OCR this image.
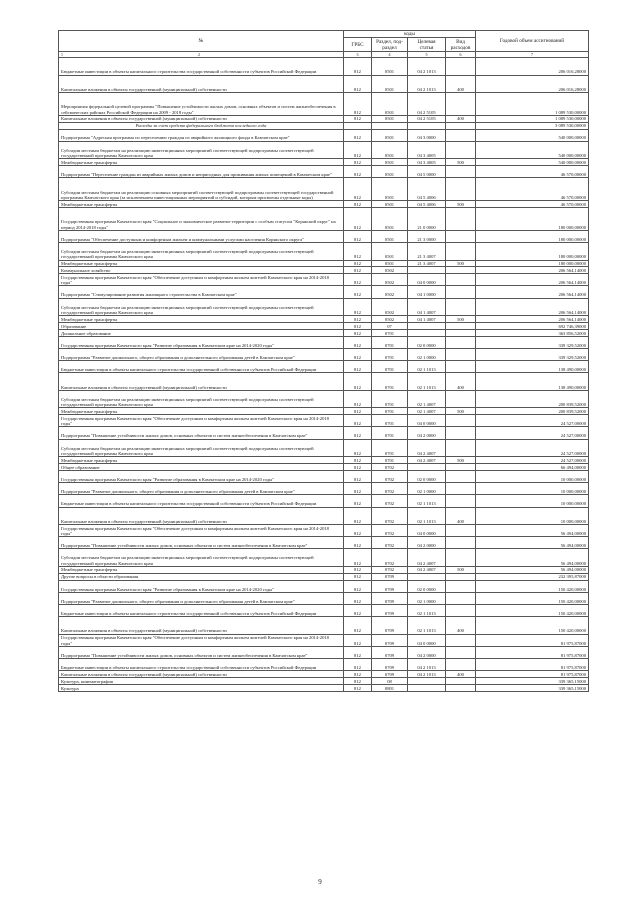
№	коды				Годовой объем ассигнований
	ГРБС	Раздел, под-раздел	Целевая статья	Вид расходов	
1	3	4	5	6	7
Бюджетные инвестиции в объекты капитального строительства государственной собственности субъектов Российской Федерации	812	0501	04 2 1013		206 016,28000
Капитальные вложения в объекты государственной (муниципальной) собственности	812	0501	04 2 1013	400	206 016,28000
Мероприятия федеральной целевой программы "Повышение устойчивости жилых домов, основных объектов и систем жизнеобеспечения в сейсмических районах Российской Федерации на 2009 - 2018 годы"	812	0501	04 2 5105		1 089 530,00000
Капитальные вложения в объекты государственной (муниципальной) собственности	812	0501	04 2 5105	400	1 089 530,00000
Расходы за счет средств федерального бюджета последнего года					3 089 530,00000
Подпрограмма "Адресная программа по переселению граждан из аварийного жилищного фонда в Камчатском крае"	812	0501	04 3 0000		540 000,00000
Субсидии местным бюджетам на реализацию инвестиционных мероприятий соответствующей подпрограммы соответствующей государственной программы Камчатского края	812	0501	04 3 4005		540 000,00000
Межбюджетные трансферты	812	0501	04 3 4005	500	540 000,00000
Подпрограмма "Переселение граждан из аварийных жилых домов и непригодных для проживания жилых помещений в Камчатском крае"	812	0501	04 5 0000		46 570,00000
Субсидии местным бюджетам на реализацию основных мероприятий соответствующей подпрограммы соответствующей государственной программы Камчатского края (за исключением инвестиционных мероприятий и субсидий, которым присвоены отдельные коды)	812	0501	04 5 4006		46 570,00000
Межбюджетные трансферты	812	0501	04 5 4006	500	46 570,00000
Государственная программа Камчатского края "Социальное и экономическое развитие территории с особым статусом "Корякский округ" на период 2014-2018 годы"	812	0501	21 0 0000		180 000,00000
Подпрограмма "Обеспечение доступным и комфортным жильем и коммунальными услугами населения Корякского округа"	812	0501	21 3 0000		180 000,00000
Субсидии местным бюджетам на реализацию инвестиционных мероприятий соответствующей подпрограммы соответствующей государственной программы Камчатского края	812	0501	21 3 4007		180 000,00000
Межбюджетные трансферты	812	0501	21 3 4007	500	180 000,00000
Коммунальное хозяйство	812	0502			206 564,14000
Государственная программа Камчатского края "Обеспечение доступным и комфортным жильем жителей Камчатского края на 2014-2018 годы"	812	0502	04 0 0000		206 564,14000
Подпрограмма "Стимулирование развития жилищного строительства в Камчатском крае"	812	0502	04 1 0000		206 564,14000
Субсидии местным бюджетам на реализацию инвестиционных мероприятий соответствующей подпрограммы соответствующей государственной программы Камчатского края	812	0502	04 1 4007		206 564,14000
Межбюджетные трансферты	812	0502	04 1 4007	500	206 564,14000
Образование	812	07			692 746,39000
Дошкольное образование	812	0701			363 856,52000
Государственная программа Камчатского края "Развитие образования в Камчатском крае на 2014-2020 годы"	812	0701	02 0 0000		339 329,52000
Подпрограмма "Развитие дошкольного, общего образования и дополнительного образования детей в Камчатском крае"	812	0701	02 1 0000		339 329,52000
Бюджетные инвестиции в объекты капитального строительства государственной собственности субъектов Российской Федерации	812	0701	02 1 1013		138 490,00000
Капитальные вложения в объекты государственной (муниципальной) собственности	812	0701	02 1 1013	400	138 490,00000
Субсидии местным бюджетам на реализацию инвестиционных мероприятий соответствующей подпрограммы соответствующей государственной программы Камчатского края	812	0701	02 1 4007		200 839,52000
Межбюджетные трансферты	812	0701	02 1 4007	500	200 839,52000
Государственная программа Камчатского края "Обеспечение доступным и комфортным жильем жителей Камчатского края на 2014-2018 годы"	812	0701	04 0 0000		24 527,00000
Подпрограмма "Повышение устойчивости жилых домов, основных объектов и систем жизнеобеспечения в Камчатском крае"	812	0701	04 2 0000		24 527,00000
Субсидии местным бюджетам на реализацию инвестиционных мероприятий соответствующей подпрограммы соответствующей государственной программы Камчатского края	812	0701	04 2 4007		24 527,00000
Межбюджетные трансферты	812	0701	04 2 4007	500	24 527,00000
Общее образование	812	0702			66 494,00000
Государственная программа Камчатского края "Развитие образования в Камчатском крае на 2014-2020 годы"	812	0702	02 0 0000		10 000,00000
Подпрограмма "Развитие дошкольного, общего образования и дополнительного образования детей в Камчатском крае"	812	0702	02 1 0000		10 000,00000
Бюджетные инвестиции в объекты капитального строительства государственной собственности субъектов Российской Федерации	812	0702	02 1 1013		10 000,00000
Капитальные вложения в объекты государственной (муниципальной) собственности	812	0702	02 1 1013	400	10 000,00000
Государственная программа Камчатского края "Обеспечение доступным и комфортным жильем жителей Камчатского края на 2014-2018 годы"	812	0702	04 0 0000		56 494,00000
Подпрограмма "Повышение устойчивости жилых домов, основных объектов и систем жизнеобеспечения в Камчатском крае"	812	0702	04 2 0000		56 494,00000
Субсидии местным бюджетам на реализацию инвестиционных мероприятий соответствующей подпрограммы соответствующей государственной программы Камчатского края	812	0702	04 2 4007		56 494,00000
Межбюджетные трансферты	812	0702	04 2 4007	500	56 494,00000
Другие вопросы в области образования	812	0709			232 395,87000
Государственная программа Камчатского края "Развитие образования в Камчатском крае на 2014-2020 годы"	812	0709	02 0 0000		150 420,00000
Подпрограмма "Развитие дошкольного, общего образования и дополнительного образования детей в Камчатском крае"	812	0709	02 1 0000		150 420,00000
Бюджетные инвестиции в объекты капитального строительства государственной собственности субъектов Российской Федерации	812	0709	02 1 1013		150 420,00000
Капитальные вложения в объекты государственной (муниципальной) собственности	812	0709	02 1 1013	400	150 420,00000
Государственная программа Камчатского края "Обеспечение доступным и комфортным жильем жителей Камчатского края на 2014-2018 годы"	812	0709	04 0 0000		81 975,87000
Подпрограмма "Повышение устойчивости жилых домов, основных объектов и систем жизнеобеспечения в Камчатском крае"	812	0709	04 2 0000		81 975,87000
Бюджетные инвестиции в объекты капитального строительства государственной собственности субъектов Российской Федерации	812	0709	04 2 1013		81 975,87000
Капитальные вложения в объекты государственной (муниципальной) собственности	812	0709	04 2 1013	400	81 975,87000
Культура, кинематография	812	08			339 365,15000
Культура	812	0801			339 365,15000
2
9
